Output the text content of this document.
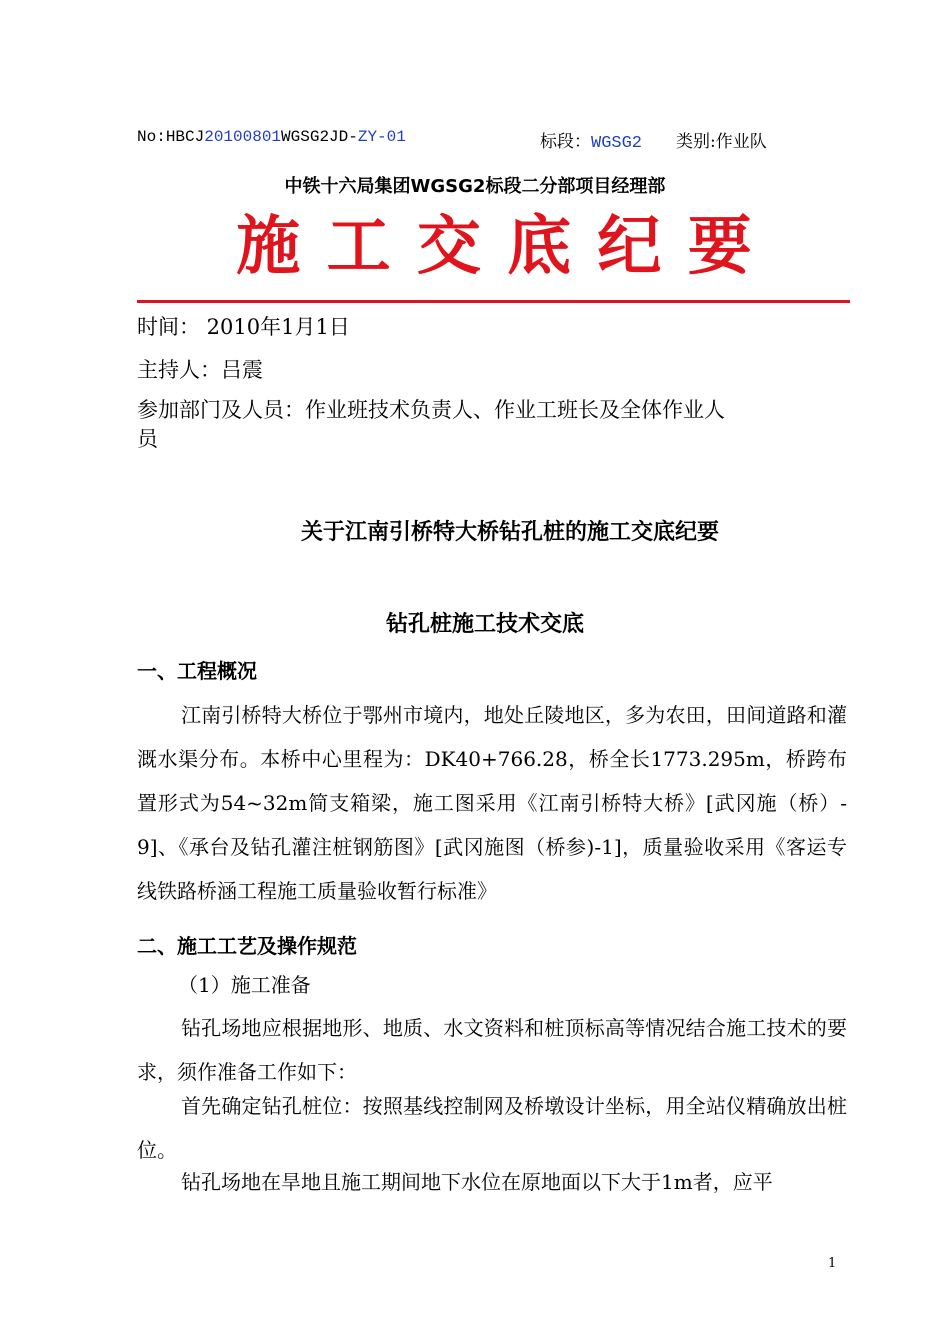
No:HBCJ20100801WGSG2JD-ZY-01	标段：WGSG2 类别:作业队
中铁十六局集团WGSG2标段二分部项目经理部
施 工 交 底 纪 要
时间： 2010年1月1日
主持人：吕震
参加部门及人员：作业班技术负责人、作业工班长及全体作业人
员
关于江南引桥特大桥钻孔桩的施工交底纪要
钻孔桩施工技术交底
一、工程概况
江南引桥特大桥位于鄂州市境内，地处丘陵地区，多为农田，田间道路和灌溉水渠分布。本桥中心里程为：DK40+766.28，桥全长1773.295m，桥跨布置形式为54~32m简支箱梁，施工图采用《江南引桥特大桥》[武冈施（桥）-9]、《承台及钻孔灌注桩钢筋图》[武冈施图（桥参)-1]，质量验收采用《客运专线铁路桥涵工程施工质量验收暂行标准》
二、施工工艺及操作规范
（1）施工准备
钻孔场地应根据地形、地质、水文资料和桩顶标高等情况结合施工技术的要求，须作准备工作如下：
首先确定钻孔桩位：按照基线控制网及桥墩设计坐标，用全站仪精确放出桩位。
钻孔场地在旱地且施工期间地下水位在原地面以下大于1m者，应平
1
